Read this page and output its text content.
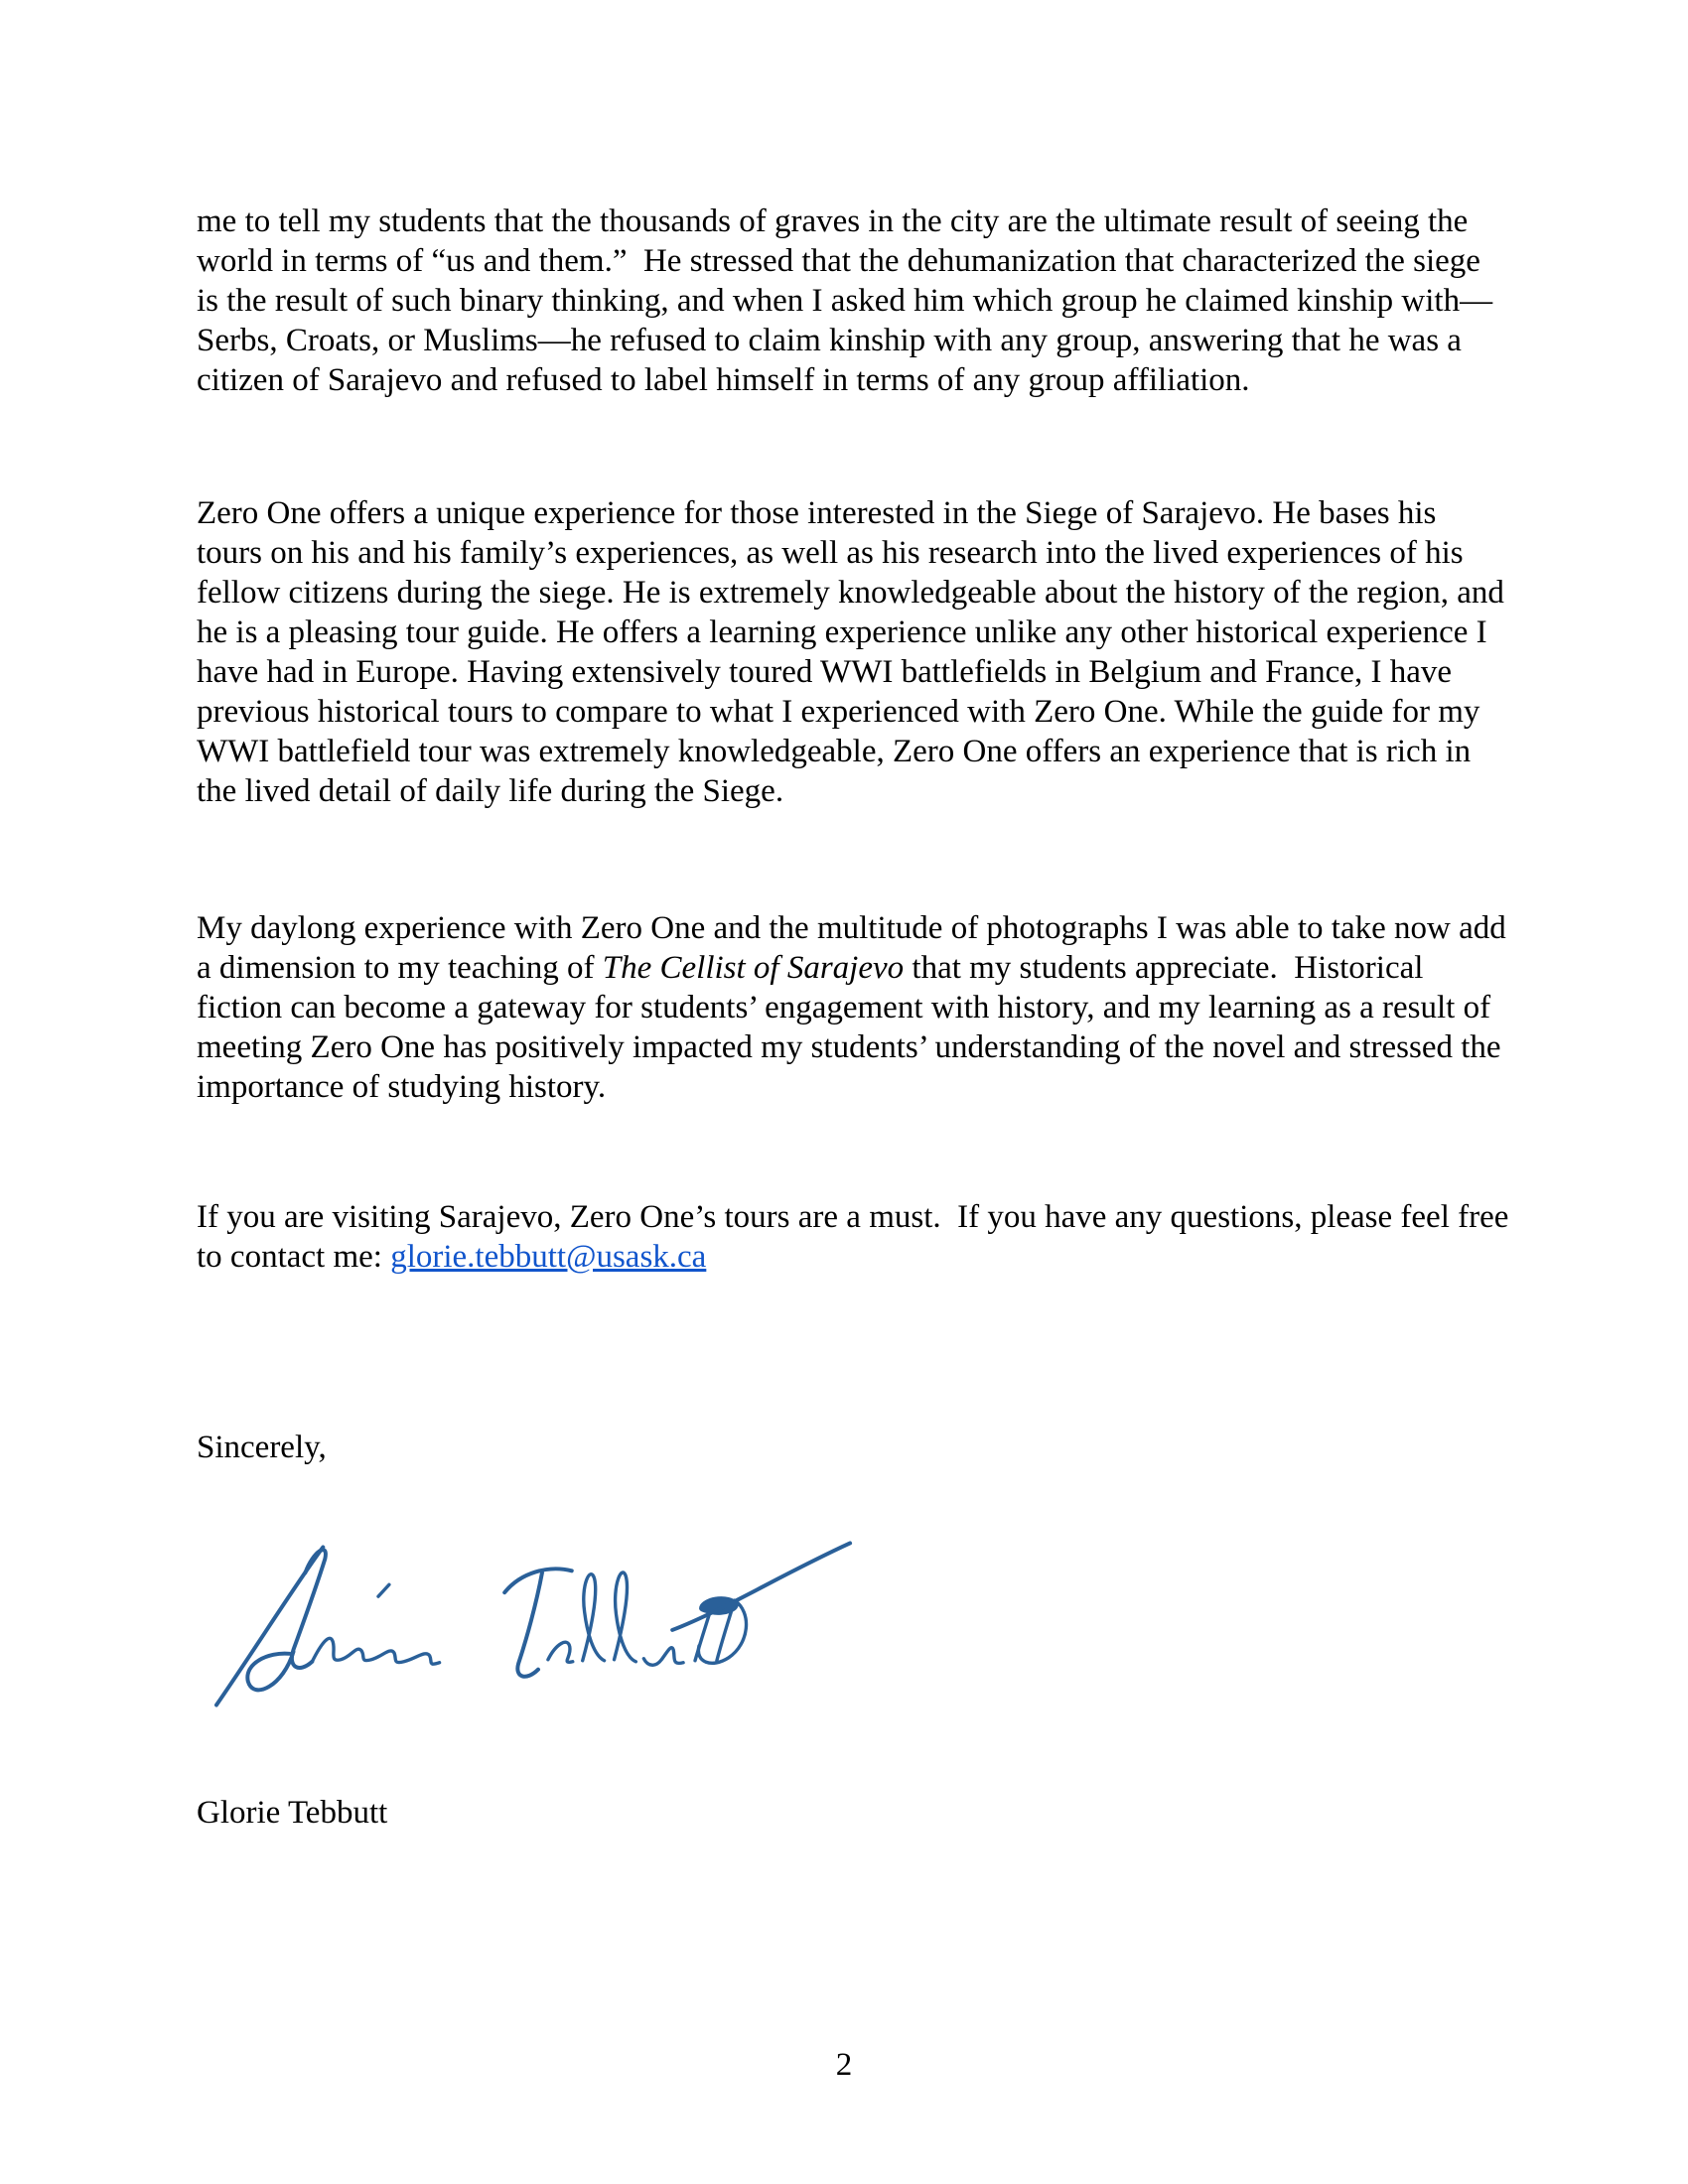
me to tell my students that the thousands of graves in the city are the ultimate result of seeing the world in terms of “us and them.”  He stressed that the dehumanization that characterized the siege is the result of such binary thinking, and when I asked him which group he claimed kinship with—Serbs, Croats, or Muslims—he refused to claim kinship with any group, answering that he was a citizen of Sarajevo and refused to label himself in terms of any group affiliation.

Zero One offers a unique experience for those interested in the Siege of Sarajevo. He bases his tours on his and his family’s experiences, as well as his research into the lived experiences of his fellow citizens during the siege. He is extremely knowledgeable about the history of the region, and he is a pleasing tour guide. He offers a learning experience unlike any other historical experience I have had in Europe. Having extensively toured WWI battlefields in Belgium and France, I have previous historical tours to compare to what I experienced with Zero One. While the guide for my WWI battlefield tour was extremely knowledgeable, Zero One offers an experience that is rich in the lived detail of daily life during the Siege.

My daylong experience with Zero One and the multitude of photographs I was able to take now add a dimension to my teaching of The Cellist of Sarajevo that my students appreciate.  Historical fiction can become a gateway for students’ engagement with history, and my learning as a result of meeting Zero One has positively impacted my students’ understanding of the novel and stressed the importance of studying history.

If you are visiting Sarajevo, Zero One’s tours are a must.  If you have any questions, please feel free to contact me: glorie.tebbutt@usask.ca

Sincerely,

Glorie Tebbutt

2
